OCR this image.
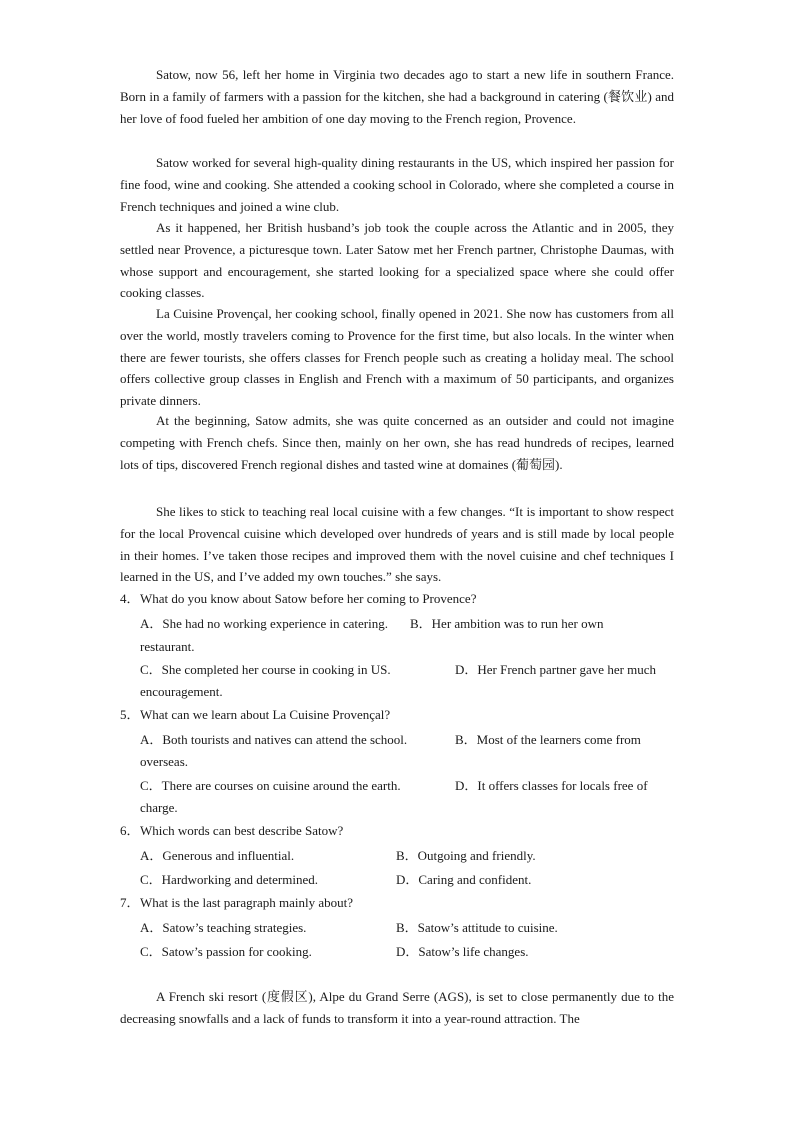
Satow, now 56, left her home in Virginia two decades ago to start a new life in southern France. Born in a family of farmers with a passion for the kitchen, she had a background in catering (餐饮业) and her love of food fueled her ambition of one day moving to the French region, Provence.

Satow worked for several high-quality dining restaurants in the US, which inspired her passion for fine food, wine and cooking. She attended a cooking school in Colorado, where she completed a course in French techniques and joined a wine club.

As it happened, her British husband’s job took the couple across the Atlantic and in 2005, they settled near Provence, a picturesque town. Later Satow met her French partner, Christophe Daumas, with whose support and encouragement, she started looking for a specialized space where she could offer cooking classes.

La Cuisine Provençal, her cooking school, finally opened in 2021. She now has customers from all over the world, mostly travelers coming to Provence for the first time, but also locals. In the winter when there are fewer tourists, she offers classes for French people such as creating a holiday meal. The school offers collective group classes in English and French with a maximum of 50 participants, and organizes private dinners.

At the beginning, Satow admits, she was quite concerned as an outsider and could not imagine competing with French chefs. Since then, mainly on her own, she has read hundreds of recipes, learned lots of tips, discovered French regional dishes and tasted wine at domaines (葡萄园).

She likes to stick to teaching real local cuisine with a few changes. “It is important to show respect for the local Provencal cuisine which developed over hundreds of years and is still made by local people in their homes. I’ve taken those recipes and improved them with the novel cuisine and chef techniques I learned in the US, and I’ve added my own touches.” she says.

4．What do you know about Satow before her coming to Provence?

A．She had no working experience in catering. B．Her ambition was to run her own

restaurant.

C．She completed her course in cooking in US.	D．Her French partner gave her much

encouragement.

5．What can we learn about La Cuisine Provençal?

A．Both tourists and natives can attend the school.	B．Most of the learners come from

overseas.

C．There are courses on cuisine around the earth.	D．It offers classes for locals free of

charge.

6．Which words can best describe Satow?

A．Generous and influential.	B．Outgoing and friendly.

C．Hardworking and determined.	D．Caring and confident.

7．What is the last paragraph mainly about?

A．Satow’s teaching strategies.	B．Satow’s attitude to cuisine.

C．Satow’s passion for cooking.	D．Satow’s life changes.

A French ski resort (度假区), Alpe du Grand Serre (AGS), is set to close permanently due to the decreasing snowfalls and a lack of funds to transform it into a year-round attraction. The
